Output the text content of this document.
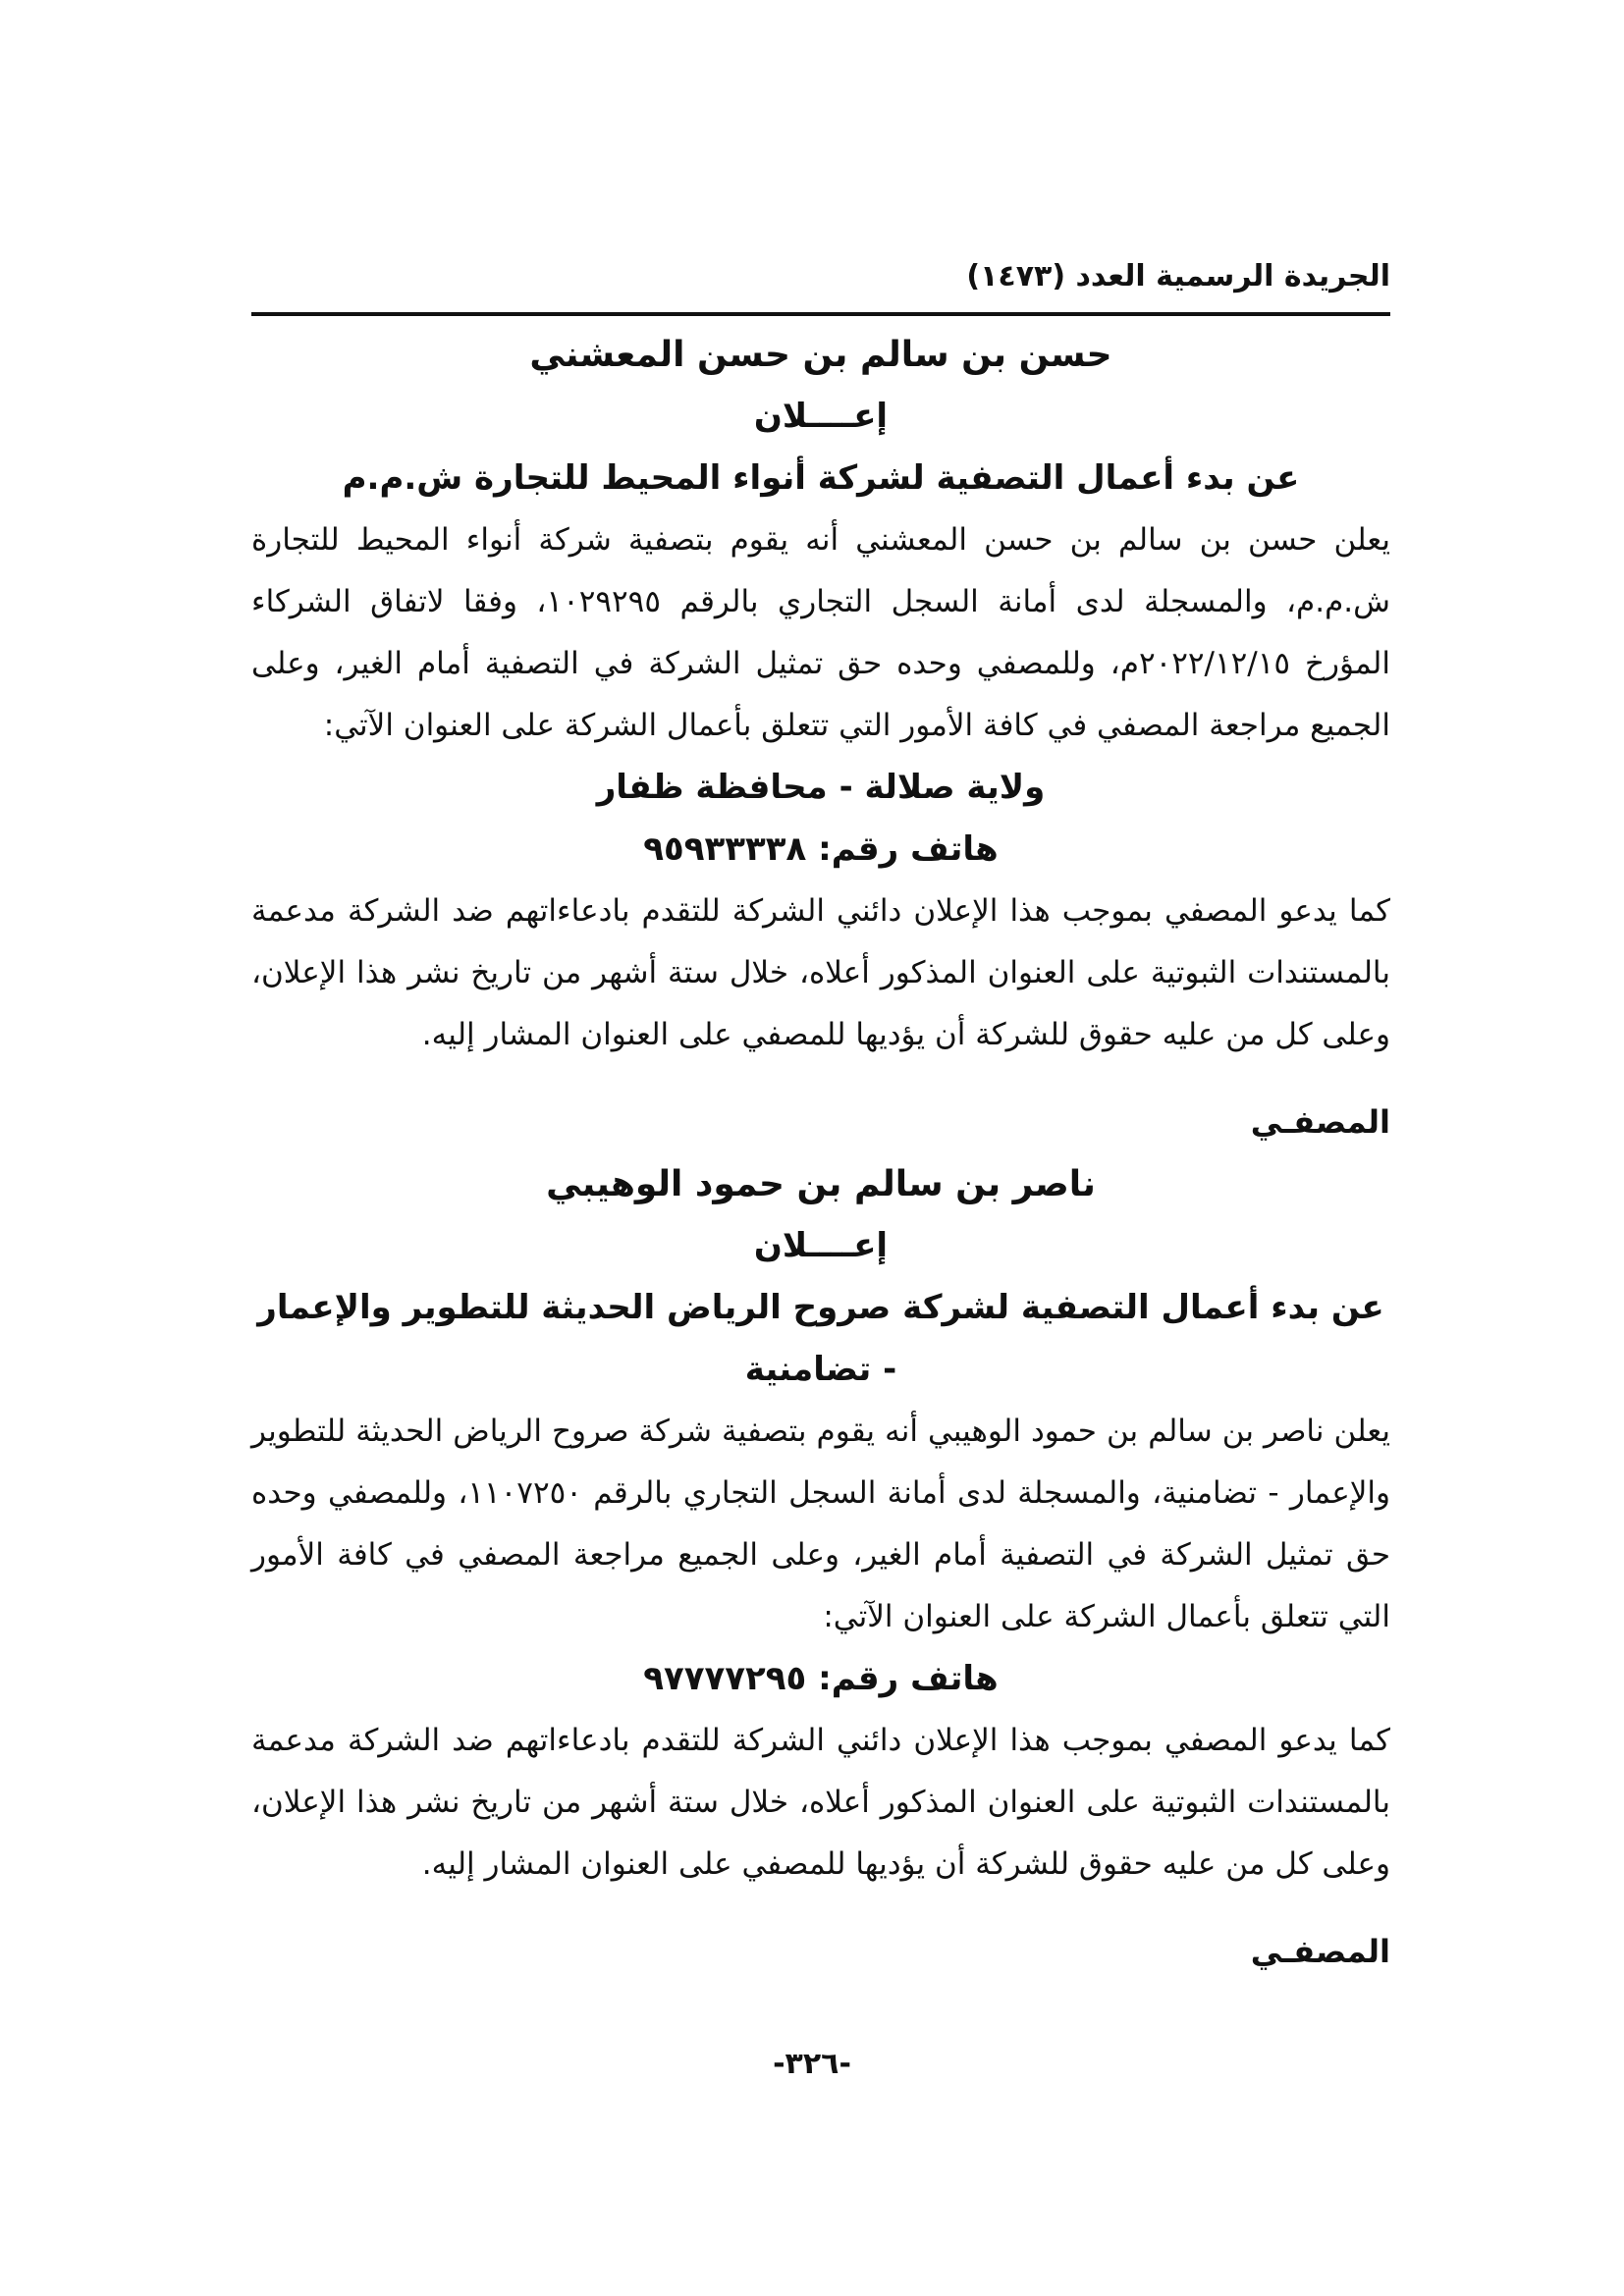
الجريدة الرسمية العدد (١٤٧٣)

حسن بن سالم بن حسن المعشني

إعــــلان

عن بدء أعمال التصفية لشركة أنواء المحيط للتجارة ش.م.م

يعلن حسن بن سالم بن حسن المعشني أنه يقوم بتصفية شركة أنواء المحيط للتجارة ش.م.م، والمسجلة لدى أمانة السجل التجاري بالرقم ١٠٢٩٢٩٥، وفقا لاتفاق الشركاء المؤرخ ٢٠٢٢/١٢/١٥م، وللمصفي وحده حق تمثيل الشركة في التصفية أمام الغير، وعلى الجميع مراجعة المصفي في كافة الأمور التي تتعلق بأعمال الشركة على العنوان الآتي:

ولاية صلالة - محافظة ظفار

هاتف رقم: ٩٥٩٣٣٣٣٨

كما يدعو المصفي بموجب هذا الإعلان دائني الشركة للتقدم بادعاءاتهم ضد الشركة مدعمة بالمستندات الثبوتية على العنوان المذكور أعلاه، خلال ستة أشهر من تاريخ نشر هذا الإعلان، وعلى كل من عليه حقوق للشركة أن يؤديها للمصفي على العنوان المشار إليه.

المصفـي

ناصر بن سالم بن حمود الوهيبي

إعــــلان

عن بدء أعمال التصفية لشركة صروح الرياض الحديثة للتطوير والإعمار - تضامنية

يعلن ناصر بن سالم بن حمود الوهيبي أنه يقوم بتصفية شركة صروح الرياض الحديثة للتطوير والإعمار - تضامنية، والمسجلة لدى أمانة السجل التجاري بالرقم ١١٠٧٢٥٠، وللمصفي وحده حق تمثيل الشركة في التصفية أمام الغير، وعلى الجميع مراجعة المصفي في كافة الأمور التي تتعلق بأعمال الشركة على العنوان الآتي:

هاتف رقم: ٩٧٧٧٧٢٩٥

كما يدعو المصفي بموجب هذا الإعلان دائني الشركة للتقدم بادعاءاتهم ضد الشركة مدعمة بالمستندات الثبوتية على العنوان المذكور أعلاه، خلال ستة أشهر من تاريخ نشر هذا الإعلان، وعلى كل من عليه حقوق للشركة أن يؤديها للمصفي على العنوان المشار إليه.

المصفـي

-٣٢٦-
